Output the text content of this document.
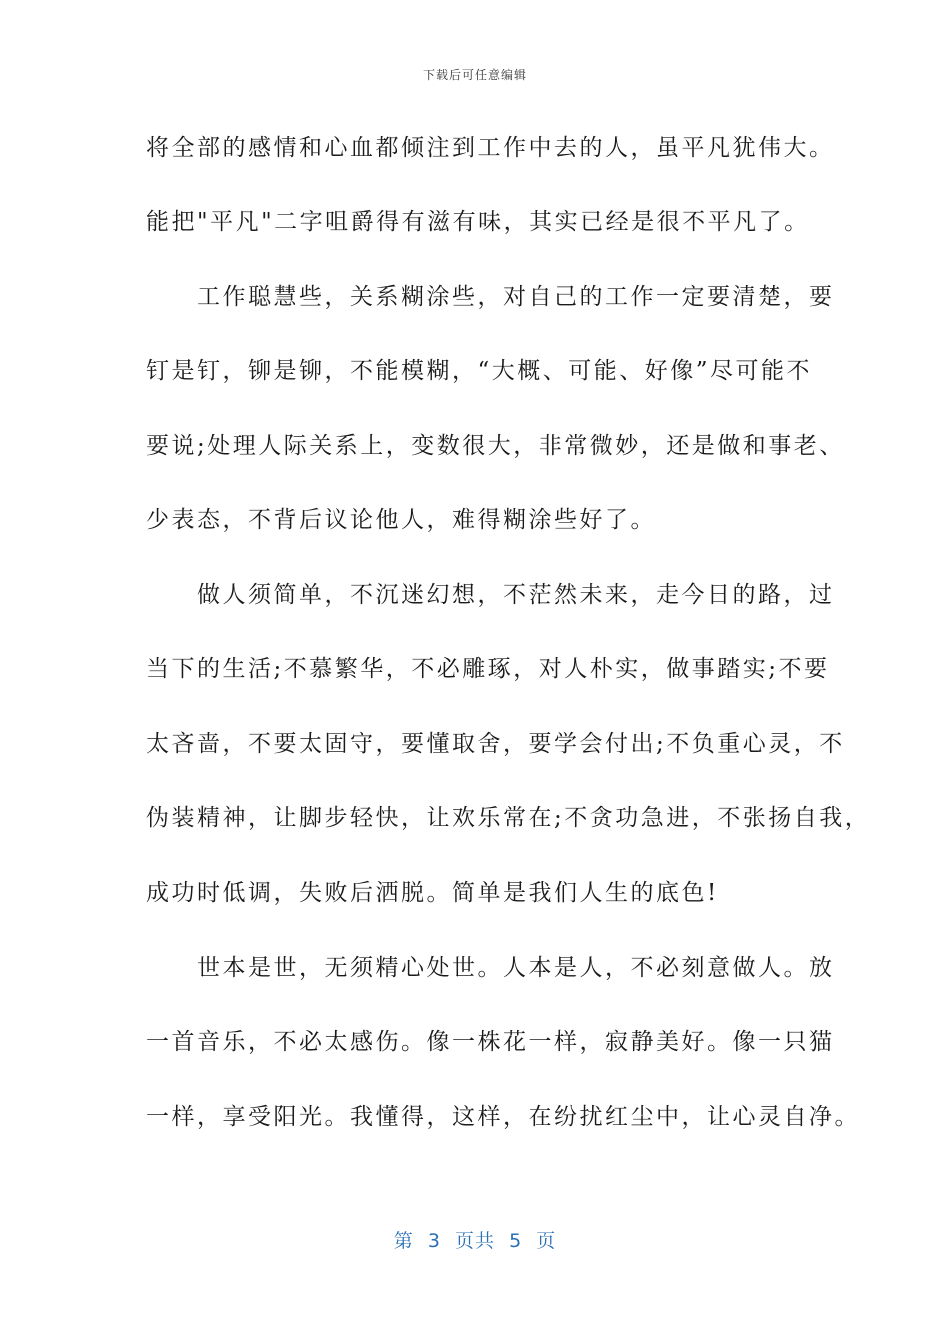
下载后可任意编辑
将全部的感情和心血都倾注到工作中去的人，虽平凡犹伟大。
能把"平凡"二字咀爵得有滋有味，其实已经是很不平凡了。
　　工作聪慧些，关系糊涂些，对自己的工作一定要清楚，要
钉是钉，铆是铆，不能模糊，“大概、可能、好像”尽可能不
要说;处理人际关系上，变数很大，非常微妙，还是做和事老、
少表态，不背后议论他人，难得糊涂些好了。
　　做人须简单，不沉迷幻想，不茫然未来，走今日的路，过
当下的生活;不慕繁华，不必雕琢，对人朴实，做事踏实;不要
太吝啬，不要太固守，要懂取舍，要学会付出;不负重心灵，不
伪装精神，让脚步轻快，让欢乐常在;不贪功急进，不张扬自我，
成功时低调，失败后洒脱。简单是我们人生的底色!
　　世本是世，无须精心处世。人本是人，不必刻意做人。放
一首音乐，不必太感伤。像一株花一样，寂静美好。像一只猫
一样，享受阳光。我懂得，这样，在纷扰红尘中，让心灵自净。
第  3  页共  5  页
